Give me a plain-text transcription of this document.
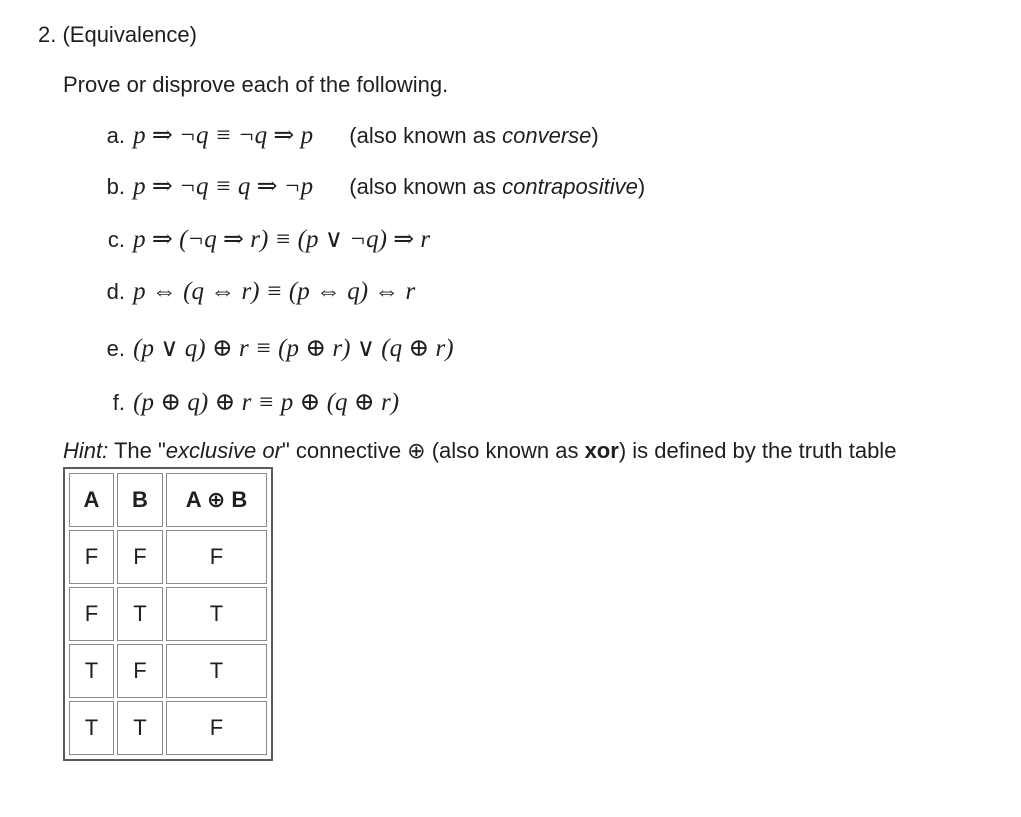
2. (Equivalence)
Prove or disprove each of the following.
a. p ⇒ ¬q ≡ ¬q ⇒ p (also known as converse)
b. p ⇒ ¬q ≡ q ⇒ ¬p (also known as contrapositive)
c. p ⇒ (¬q ⇒ r) ≡ (p ∨ ¬q) ⇒ r
d. p ⇔ (q ⇔ r) ≡ (p ⇔ q) ⇔ r
e. (p ∨ q) ⊕ r ≡ (p ⊕ r) ∨ (q ⊕ r)
f. (p ⊕ q) ⊕ r ≡ p ⊕ (q ⊕ r)
Hint: The "exclusive or" connective ⊕ (also known as xor) is defined by the truth table
A	B	A ⊕ B
F	F	F
F	T	T
T	F	T
T	T	F
